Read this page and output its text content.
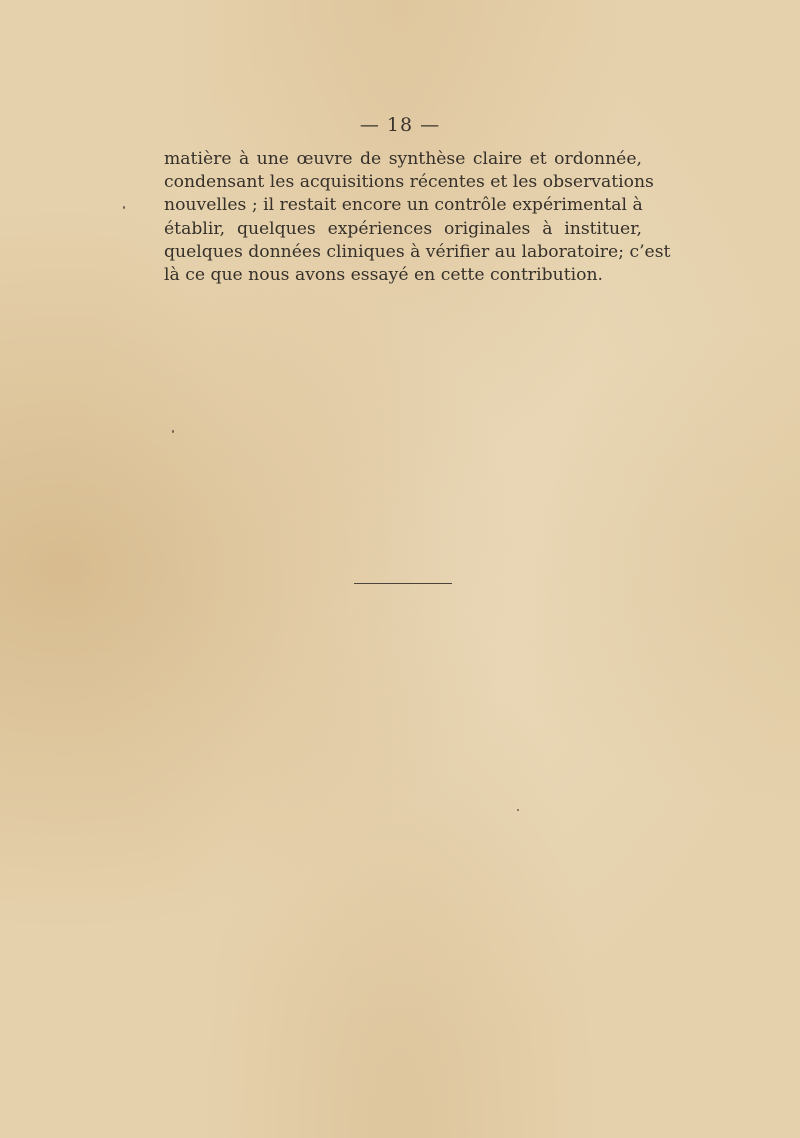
— 18 —
matière à une œuvre de synthèse claire et ordonnée,
condensant les acquisitions récentes et les observations
nouvelles ; il restait encore un contrôle expérimental à
établir, quelques expériences originales à instituer,
quelques données cliniques à vérifier au laboratoire; c’est
là ce que nous avons essayé en cette contribution.
